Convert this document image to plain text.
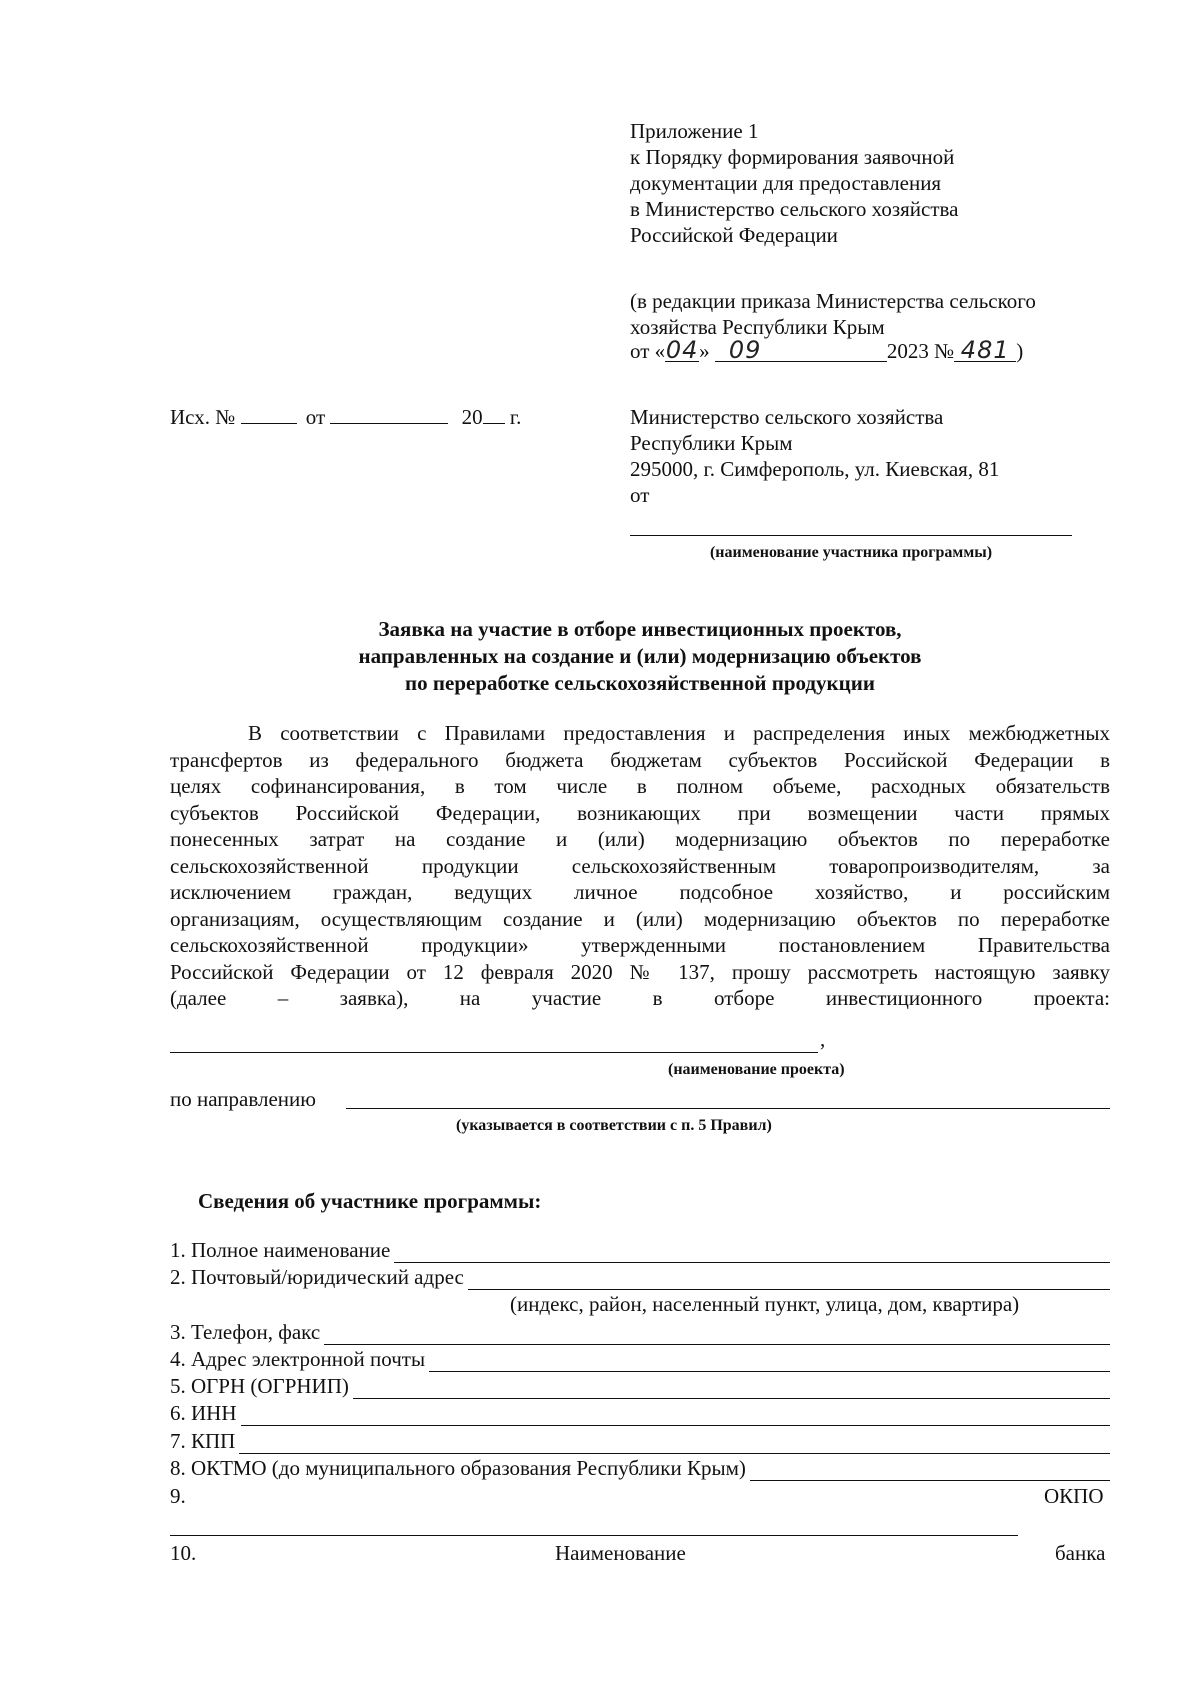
Приложение 1
к Порядку формирования заявочной
документации для предоставления
в Министерство сельского хозяйства
Российской Федерации
(в редакции приказа Министерства сельского
хозяйства Республики Крым
от «04» 09	2023 № 481 )
Исх. №	от	20 г.	Министерство сельского хозяйства
Республики Крым
295000, г. Симферополь, ул. Киевская, 81
от
(наименование участника программы)
Заявка на участие в отборе инвестиционных проектов,
направленных на создание и (или) модернизацию объектов
по переработке сельскохозяйственной продукции
В соответствии с Правилами предоставления и распределения иных межбюджетных
трансфертов из федерального бюджета бюджетам субъектов Российской Федерации в
целях софинансирования, в том числе в полном объеме, расходных обязательств
субъектов Российской Федерации, возникающих при возмещении части прямых
понесенных затрат на создание и (или) модернизацию объектов по переработке
сельскохозяйственной продукции сельскохозяйственным товаропроизводителям, за
исключением граждан, ведущих личное подсобное хозяйство, и российским
организациям, осуществляющим создание и (или) модернизацию объектов по переработке
сельскохозяйственной продукции» утвержденными постановлением Правительства
Российской Федерации от 12 февраля 2020 № 137, прошу рассмотреть настоящую заявку
(далее – заявка), на участие в отборе инвестиционного проекта:
,
(наименование проекта)
по направлению
(указывается в соответствии с п. 5 Правил)
Сведения об участнике программы:
1. Полное наименование
2. Почтовый/юридический адрес
(индекс, район, населенный пункт, улица, дом, квартира)
3. Телефон, факс
4. Адрес электронной почты
5. ОГРН (ОГРНИП)
6. ИНН
7. КПП
8. ОКТМО (до муниципального образования Республики Крым)
9.	ОКПО
10.	Наименование	банка
